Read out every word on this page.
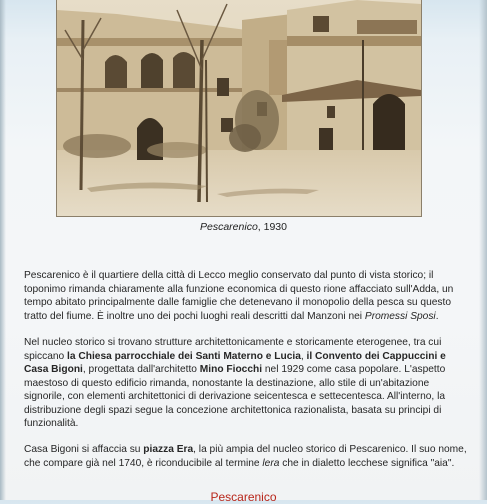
Pescarenico, 1930
Pescarenico è il quartiere della città di Lecco meglio conservato dal punto di vista storico; il
toponimo rimanda chiaramente alla funzione economica di questo rione affacciato sull'Adda, un
tempo abitato principalmente dalle famiglie che detenevano il monopolio della pesca su questo
tratto del fiume. È inoltre uno dei pochi luoghi reali descritti dal Manzoni nei Promessi Sposi.
Nel nucleo storico si trovano strutture architettonicamente e storicamente eterogenee, tra cui
spiccano la Chiesa parrocchiale dei Santi Materno e Lucia, il Convento dei Cappuccini e
Casa Bigoni, progettata dall'architetto Mino Fiocchi nel 1929 come casa popolare. L'aspetto
maestoso di questo edificio rimanda, nonostante la destinazione, allo stile di un'abitazione
signorile, con elementi architettonici di derivazione seicentesca e settecentesca. All'interno, la
distribuzione degli spazi segue la concezione architettonica razionalista, basata su principi di
funzionalità.
Casa Bigoni si affaccia su piazza Era, la più ampia del nucleo storico di Pescarenico. Il suo nome,
che compare già nel 1740, è riconducibile al termine lera che in dialetto lecchese significa "aia".
Pescarenico
